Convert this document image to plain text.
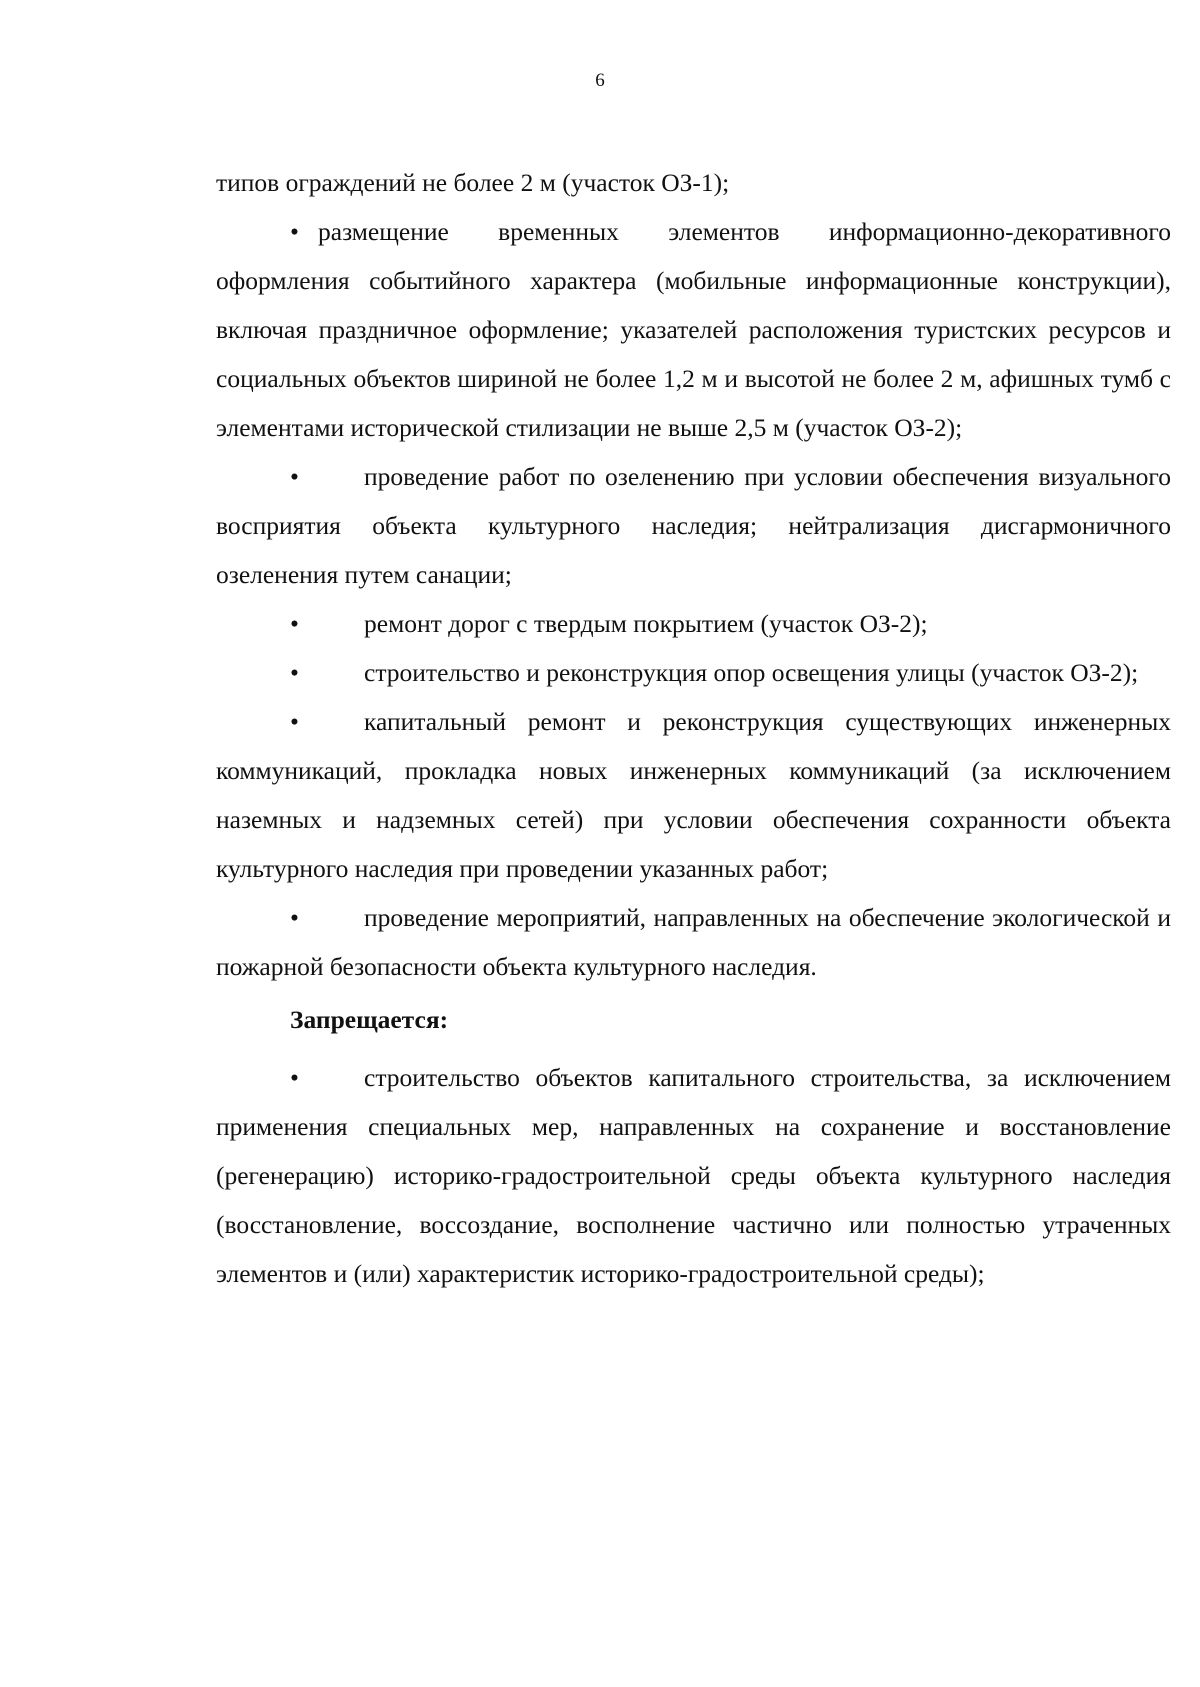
6

типов ограждений не более 2 м (участок ОЗ-1);

• размещение временных элементов информационно-декоративного оформления событийного характера (мобильные информационные конструкции), включая праздничное оформление; указателей расположения туристских ресурсов и социальных объектов шириной не более 1,2 м и высотой не более 2 м, афишных тумб с элементами исторической стилизации не выше 2,5 м (участок ОЗ-2);

•	проведение работ по озеленению при условии обеспечения визуального восприятия объекта культурного наследия; нейтрализация дисгармоничного озеленения путем санации;

•	ремонт дорог с твердым покрытием (участок ОЗ-2);

•	строительство и реконструкция опор освещения улицы (участок ОЗ-2);

•	капитальный ремонт и реконструкция существующих инженерных коммуникаций, прокладка новых инженерных коммуникаций (за исключением наземных и надземных сетей) при условии обеспечения сохранности объекта культурного наследия при проведении указанных работ;

•	проведение мероприятий, направленных на обеспечение экологической и пожарной безопасности объекта культурного наследия.

Запрещается:

•	строительство объектов капитального строительства, за исключением применения специальных мер, направленных на сохранение и восстановление (регенерацию) историко-градостроительной среды объекта культурного наследия (восстановление, воссоздание, восполнение частично или полностью утраченных элементов и (или) характеристик историко-градостроительной среды);
